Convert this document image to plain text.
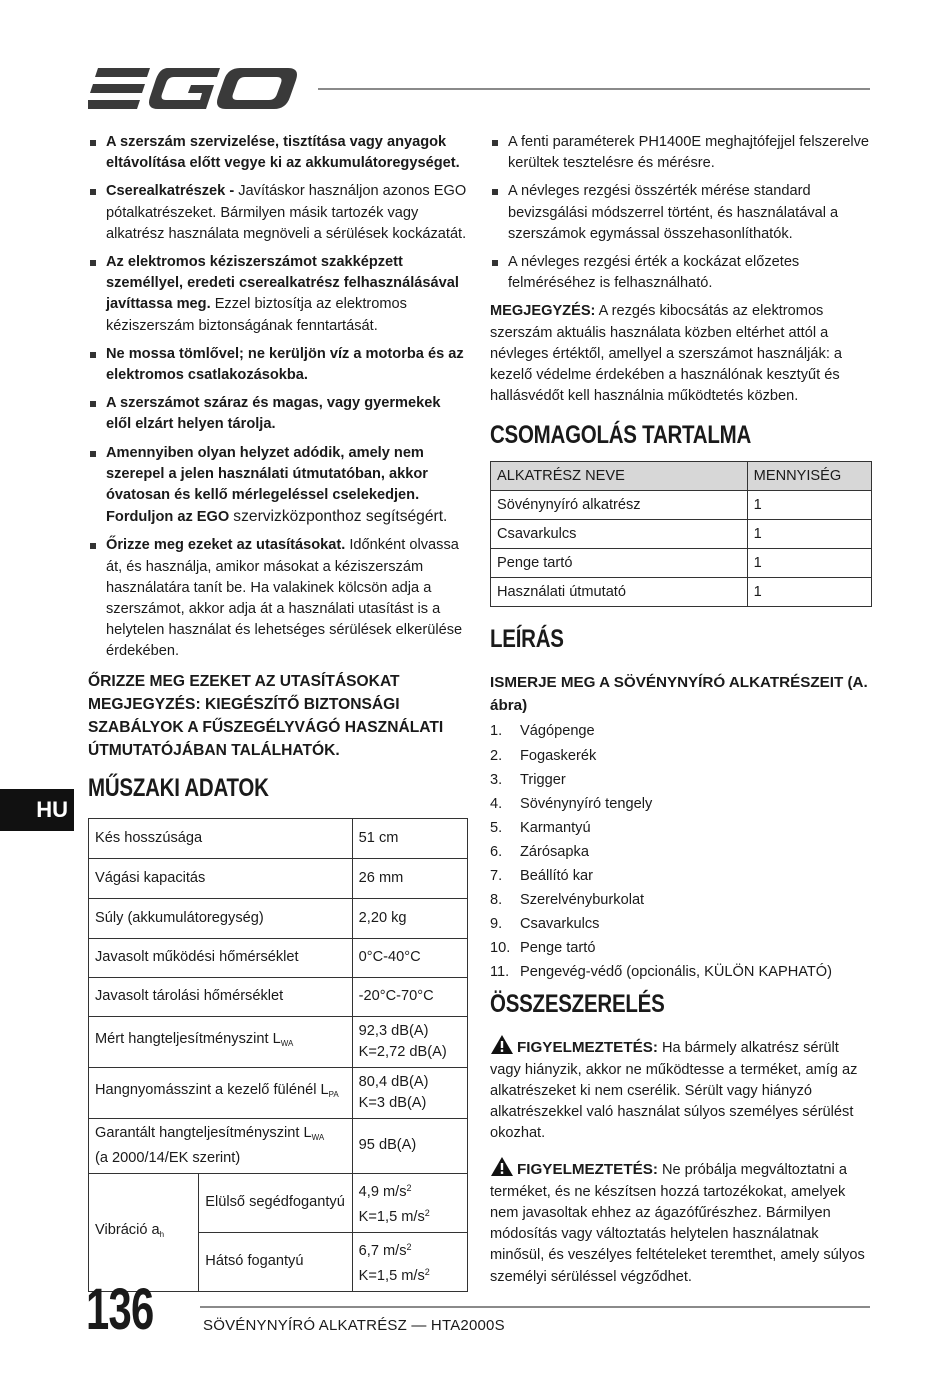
A szerszám szervizelése, tisztítása vagy anyagok eltávolítása előtt vegye ki az akkumulátoregységet.
Cserealkatrészek - Javításkor használjon azonos EGO pótalkatrészeket. Bármilyen másik tartozék vagy alkatrész használata megnöveli a sérülések kockázatát.
Az elektromos kéziszerszámot szakképzett személlyel, eredeti cserealkatrész felhasználásával javíttassa meg. Ezzel biztosítja az elektromos kéziszerszám biztonságának fenntartását.
Ne mossa tömlővel; ne kerüljön víz a motorba és az elektromos csatlakozásokba.
A szerszámot száraz és magas, vagy gyermekek elől elzárt helyen tárolja.
Amennyiben olyan helyzet adódik, amely nem szerepel a jelen használati útmutatóban, akkor óvatosan és kellő mérlegeléssel cselekedjen. Forduljon az EGO szervizközponthoz segítségért.
Őrizze meg ezeket az utasításokat. Időnként olvassa át, és használja, amikor másokat a kéziszerszám használatára tanít be. Ha valakinek kölcsön adja a szerszámot, akkor adja át a használati utasítást is a helytelen használat és lehetséges sérülések elkerülése érdekében.
ŐRIZZE MEG EZEKET AZ UTASÍTÁSOKAT
MEGJEGYZÉS: KIEGÉSZÍTŐ BIZTONSÁGI SZABÁLYOK A FŰSZEGÉLYVÁGÓ HASZNÁLATI ÚTMUTATÓJÁBAN TALÁLHATÓK.
MŰSZAKI ADATOK
Kés hosszúsága		51 cm
Vágási kapacitás		26 mm
Súly (akkumulátoregység)		2,20 kg
Javasolt működési hőmérséklet		0°C-40°C
Javasolt tárolási hőmérséklet		-20°C-70°C
Mért hangteljesítményszint $L_{WA}$		92,3 dB(A)
K=2,72 dB(A)

Hangnyomásszint a kezelő fülénél $L_{PA}$		80,4 dB(A)
K=3 dB(A)

Garantált hangteljesítményszint $L_{WA}$
(a 2000/14/EK szerint)		95 dB(A)
Vibráció $a_h$	Elülső segédfogantyú	4,9 $m/s^2$
K=1,5 $m/s^2$

	Hátsó fogantyú	6,7 $m/s^2$
K=1,5 $m/s^2$
A fenti paraméterek PH1400E meghajtófejjel felszerelve kerültek tesztelésre és mérésre.
A névleges rezgési összérték mérése standard bevizsgálási módszerrel történt, és használatával a szerszámok egymással összehasonlíthatók.
A névleges rezgési érték a kockázat előzetes felméréséhez is felhasználható.

MEGJEGYZÉS: A rezgés kibocsátás az elektromos szerszám aktuális használata közben eltérhet attól a névleges értéktől, amellyel a szerszámot használják: a kezelő védelme érdekében a használónak kesztyűt és hallásvédőt kell használnia működtetés közben.

CSOMAGOLÁS TARTALMA
ALKATRÉSZ NEVE	MENNYISÉG
Sövénynyíró alkatrész	1
Csavarkulcs	1
Penge tartó	1
Használati útmutató	1
LEÍRÁS
ISMERJE MEG A SÖVÉNYNYÍRÓ ALKATRÉSZEIT (A. ábra)
1. Vágópenge
2. Fogaskerék
3. Trigger
4. Sövénynyíró tengely
5. Karmantyú
6. Zárósapka
7. Beállító kar
8. Szerelvényburkolat
9. Csavarkulcs
10. Penge tartó
11. Pengevég-védő (opcionális, KÜLÖN KAPHATÓ)
ÖSSZESZERELÉS

FIGYELMEZTETÉS: Ha bármely alkatrész sérült vagy hiányzik, akkor ne működtesse a terméket, amíg az alkatrészeket ki nem cserélik. Sérült vagy hiányzó alkatrészekkel való használat súlyos személyes sérülést okozhat.

FIGYELMEZTETÉS: Ne próbálja megváltoztatni a terméket, és ne készítsen hozzá tartozékokat, amelyek nem javasoltak ehhez az ágazófűrészhez. Bármilyen módosítás vagy változtatás helytelen használatnak minősül, és veszélyes feltételeket teremthet, amely súlyos személyi sérüléssel végződhet.

HU
136	SÖVÉNYNYÍRÓ ALKATRÉSZ — HTA2000S
